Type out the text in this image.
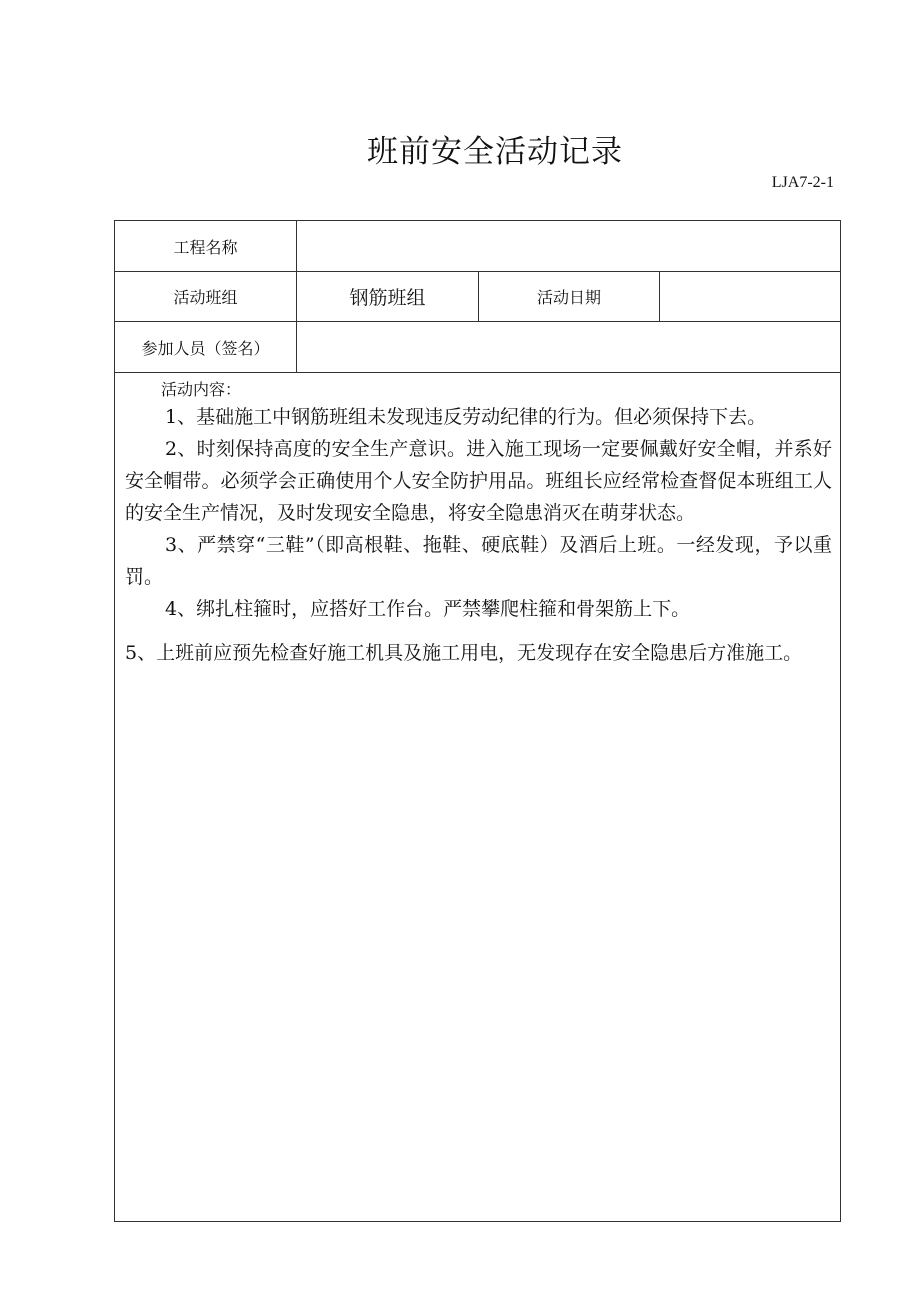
班前安全活动记录
LJA7-2-1
工程名称
活动班组	钢筋班组	活动日期
参加人员（签名）
活动内容：
1、基础施工中钢筋班组未发现违反劳动纪律的行为。但必须保持下去。
2、时刻保持高度的安全生产意识。进入施工现场一定要佩戴好安全帽，并系好安全帽带。必须学会正确使用个人安全防护用品。班组长应经常检查督促本班组工人的安全生产情况，及时发现安全隐患，将安全隐患消灭在萌芽状态。
3、严禁穿“三鞋”（即高根鞋、拖鞋、硬底鞋）及酒后上班。一经发现，予以重罚。
4、绑扎柱箍时，应搭好工作台。严禁攀爬柱箍和骨架筋上下。
5、上班前应预先检查好施工机具及施工用电，无发现存在安全隐患后方准施工。
